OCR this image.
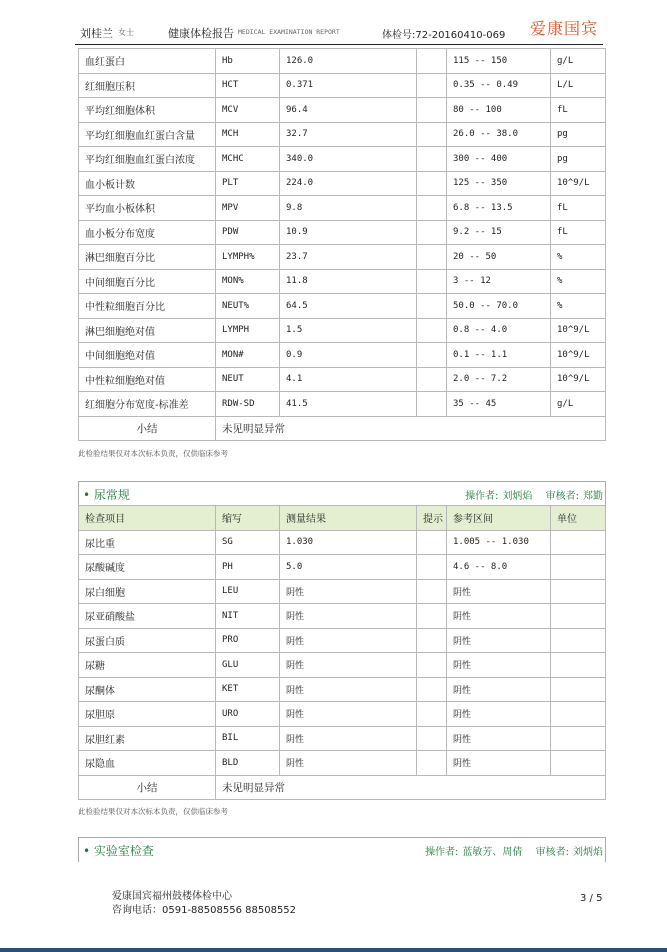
刘桂兰 女士	健康体检报告 MEDICAL EXAMINATION REPORT	体检号:72-20160410-069 爱康国宾
血红蛋白	Hb	126.0		115 -- 150	g/L
红细胞压积	HCT	0.371		0.35 -- 0.49	L/L
平均红细胞体积	MCV	96.4		80 -- 100	fL
平均红细胞血红蛋白含量	MCH	32.7		26.0 -- 38.0	pg
平均红细胞血红蛋白浓度	MCHC	340.0		300 -- 400	pg
血小板计数	PLT	224.0		125 -- 350	10^9/L
平均血小板体积	MPV	9.8		6.8 -- 13.5	fL
血小板分布宽度	PDW	10.9		9.2 -- 15	fL
淋巴细胞百分比	LYMPH%	23.7		20 -- 50	%
中间细胞百分比	MON%	11.8		3 -- 12	%
中性粒细胞百分比	NEUT%	64.5		50.0 -- 70.0	%
淋巴细胞绝对值	LYMPH	1.5		0.8 -- 4.0	10^9/L
中间细胞绝对值	MON#	0.9		0.1 -- 1.1	10^9/L
中性粒细胞绝对值	NEUT	4.1		2.0 -- 7.2	10^9/L
红细胞分布宽度-标准差	RDW-SD	41.5		35 -- 45	g/L
小结	未见明显异常				
此检验结果仅对本次标本负责，仅供临床参考
• 尿常规	操作者: 刘炳焰 审核者: 郑勤
检查项目	缩写	测量结果	提示	参考区间	单位
尿比重	SG	1.030		1.005 -- 1.030	
尿酸碱度	PH	5.0		4.6 -- 8.0	
尿白细胞	LEU	阴性		阴性	
尿亚硝酸盐	NIT	阴性		阴性	
尿蛋白质	PRO	阴性		阴性	
尿糖	GLU	阴性		阴性	
尿酮体	KET	阴性		阴性	
尿胆原	URO	阴性		阴性	
尿胆红素	BIL	阴性		阴性	
尿隐血	BLD	阴性		阴性	
小结	未见明显异常				
此检验结果仅对本次标本负责，仅供临床参考
• 实验室检查	操作者: 蓝敏芳、周倩 审核者: 刘炳焰
爱康国宾福州鼓楼体检中心
咨询电话：0591-88508556 88508552
3 / 5
